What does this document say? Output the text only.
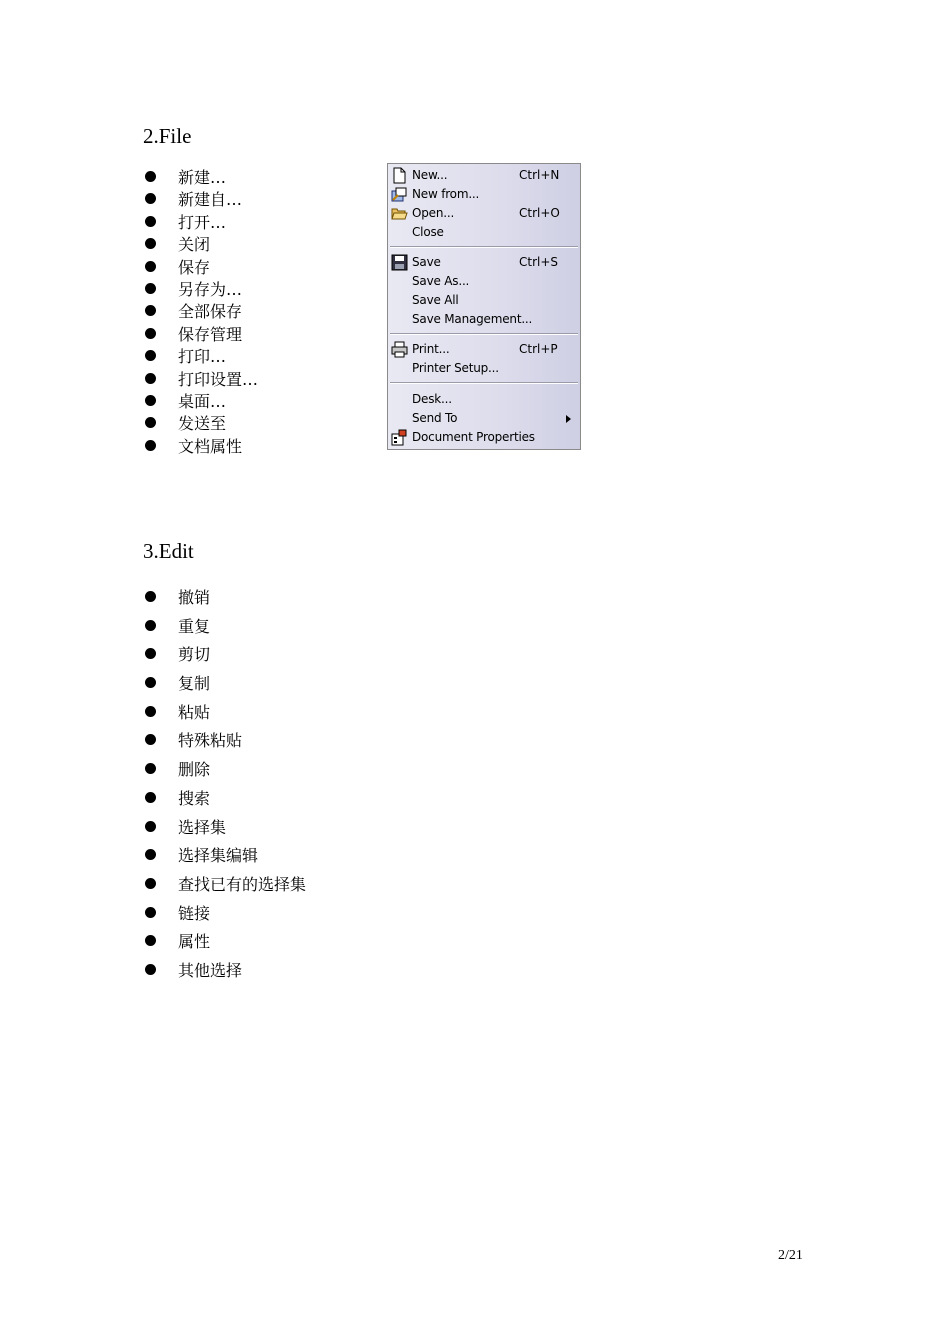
2.File
新建…
新建自…
打开…
关闭
保存
另存为…
全部保存
保存管理
打印…
打印设置…
桌面…
发送至
文档属性
New...	Ctrl+N
New from...
Open...	Ctrl+O
Close
Save	Ctrl+S
Save As...
Save All
Save Management...
Print...	Ctrl+P
Printer Setup...
Desk...
Send To
Document Properties
3.Edit
撤销
重复
剪切
复制
粘贴
特殊粘贴
删除
搜索
选择集
选择集编辑
查找已有的选择集
链接
属性
其他选择
2/21
